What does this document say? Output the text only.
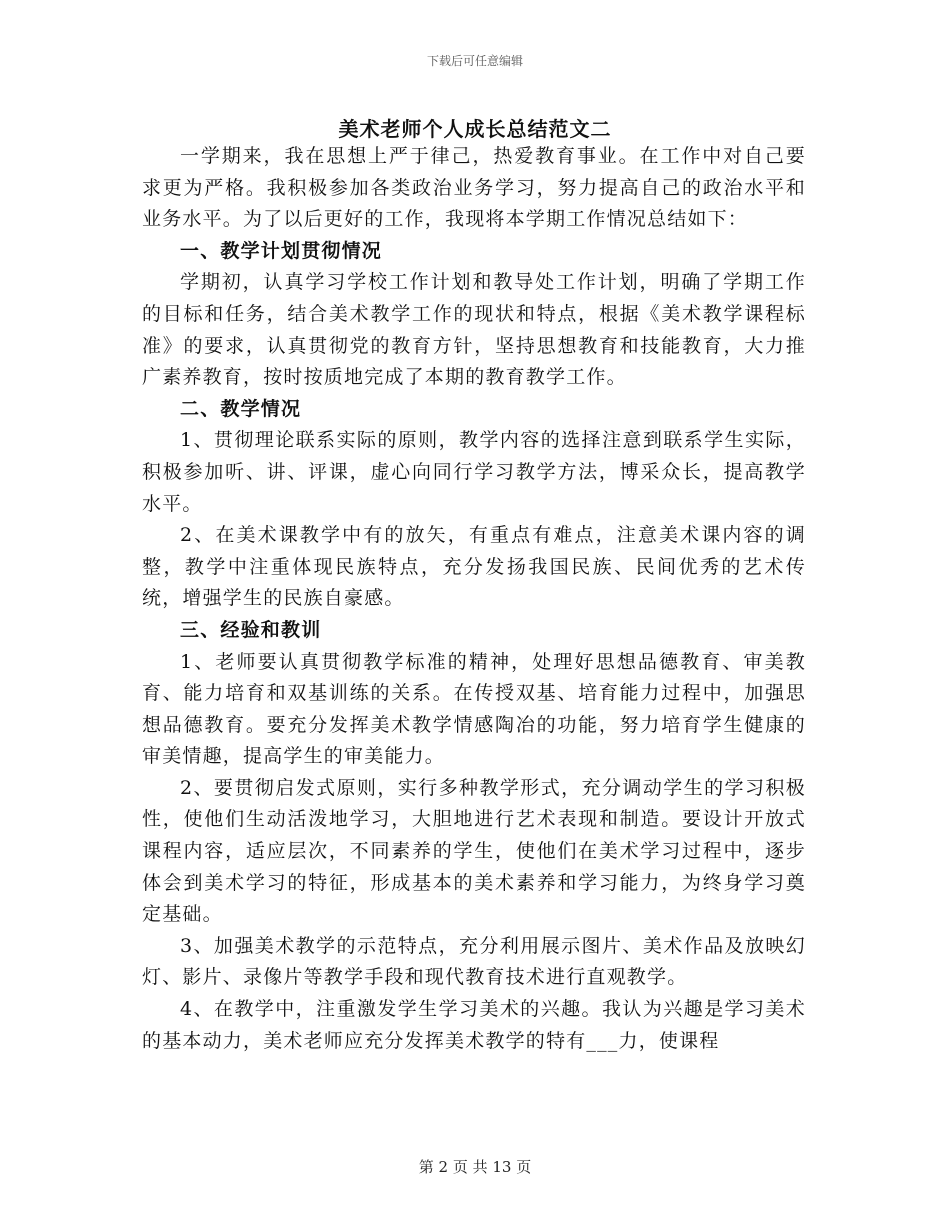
下载后可任意编辑
美术老师个人成长总结范文二

一学期来，我在思想上严于律己，热爱教育事业。在工作中对自己要求更为严格。我积极参加各类政治业务学习，努力提高自己的政治水平和业务水平。为了以后更好的工作，我现将本学期工作情况总结如下：

一、教学计划贯彻情况

学期初，认真学习学校工作计划和教导处工作计划，明确了学期工作的目标和任务，结合美术教学工作的现状和特点，根据《美术教学课程标准》的要求，认真贯彻党的教育方针，坚持思想教育和技能教育，大力推广素养教育，按时按质地完成了本期的教育教学工作。

二、教学情况

1、贯彻理论联系实际的原则，教学内容的选择注意到联系学生实际，积极参加听、讲、评课，虚心向同行学习教学方法，博采众长，提高教学水平。

2、在美术课教学中有的放矢，有重点有难点，注意美术课内容的调整，教学中注重体现民族特点，充分发扬我国民族、民间优秀的艺术传统，增强学生的民族自豪感。

三、经验和教训

1、老师要认真贯彻教学标准的精神，处理好思想品德教育、审美教育、能力培育和双基训练的关系。在传授双基、培育能力过程中，加强思想品德教育。要充分发挥美术教学情感陶冶的功能，努力培育学生健康的审美情趣，提高学生的审美能力。

2、要贯彻启发式原则，实行多种教学形式，充分调动学生的学习积极性，使他们生动活泼地学习，大胆地进行艺术表现和制造。要设计开放式课程内容，适应层次，不同素养的学生，使他们在美术学习过程中，逐步体会到美术学习的特征，形成基本的美术素养和学习能力，为终身学习奠定基础。

3、加强美术教学的示范特点，充分利用展示图片、美术作品及放映幻灯、影片、录像片等教学手段和现代教育技术进行直观教学。

4、在教学中，注重激发学生学习美术的兴趣。我认为兴趣是学习美术的基本动力，美术老师应充分发挥美术教学的特有___力，使课程

第 2 页 共 13 页
